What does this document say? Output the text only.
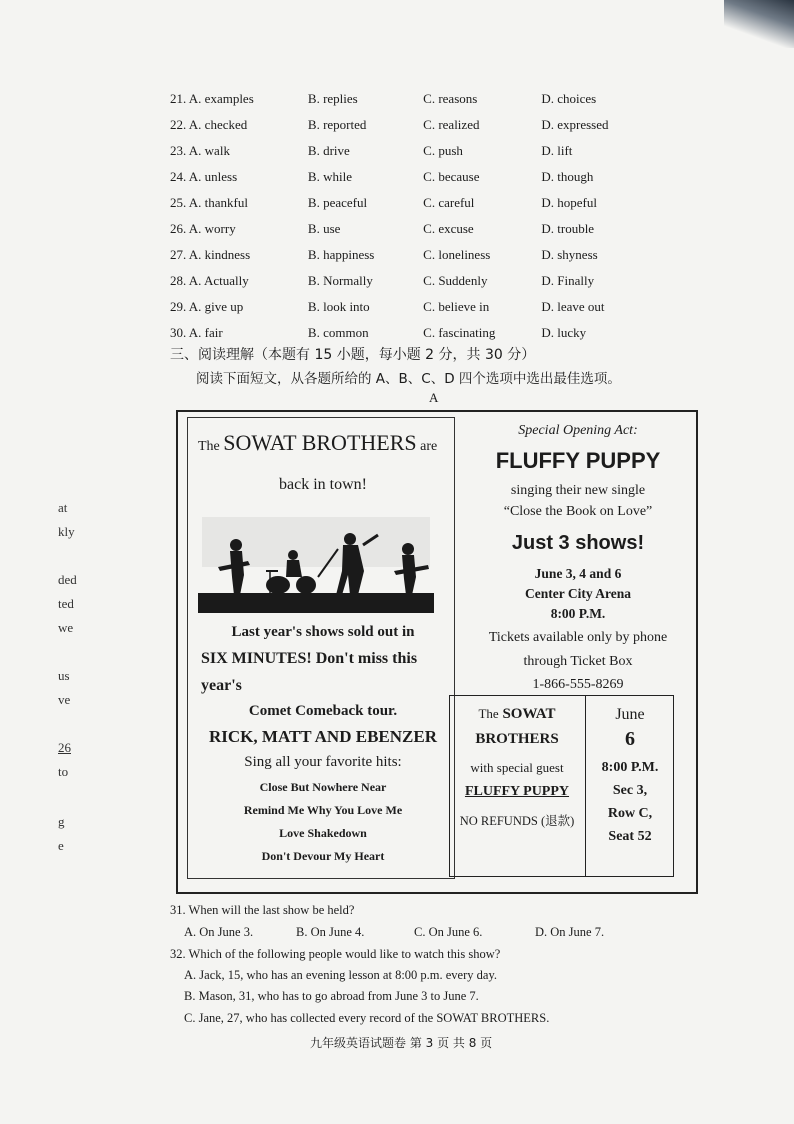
at
kly
ded
ted
we
us
ve
26
to
g
e
21. A. examples	B. replies	C. reasons	D. choices
22. A. checked	B. reported	C. realized	D. expressed
23. A. walk	B. drive	C. push	D. lift
24. A. unless	B. while	C. because	D. though
25. A. thankful	B. peaceful	C. careful	D. hopeful
26. A. worry	B. use	C. excuse	D. trouble
27. A. kindness	B. happiness	C. loneliness	D. shyness
28. A. Actually	B. Normally	C. Suddenly	D. Finally
29. A. give up	B. look into	C. believe in	D. leave out
30. A. fair	B. common	C. fascinating	D. lucky
三、阅读理解（本题有 15 小题，每小题 2 分，共 30 分）
阅读下面短文，从各题所给的 A、B、C、D 四个选项中选出最佳选项。
A
The SOWAT BROTHERS are
back in town!
Last year's shows sold out in
SIX MINUTES! Don't miss this
year's
Comet Comeback tour.
RICK, MATT AND EBENZER
Sing all your favorite hits:
Close But Nowhere Near
Remind Me Why You Love Me
Love Shakedown
Don't Devour My Heart
Special Opening Act:
FLUFFY PUPPY
singing their new single
“Close the Book on Love”
Just 3 shows!
June 3, 4 and 6
Center City Arena
8:00 P.M.
Tickets available only by phone
through Ticket Box
1-866-555-8269
The SOWAT
BROTHERS
with special guest
FLUFFY PUPPY
NO REFUNDS (退款)
June
6
8:00 P.M.
Sec 3,
Row C,
Seat 52
31. When will the last show be held?
A. On June 3.	B. On June 4.	C. On June 6.	D. On June 7.
32. Which of the following people would like to watch this show?
A. Jack, 15, who has an evening lesson at 8:00 p.m. every day.
B. Mason, 31, who has to go abroad from June 3 to June 7.
C. Jane, 27, who has collected every record of the SOWAT BROTHERS.
九年级英语试题卷 第 3 页 共 8 页
